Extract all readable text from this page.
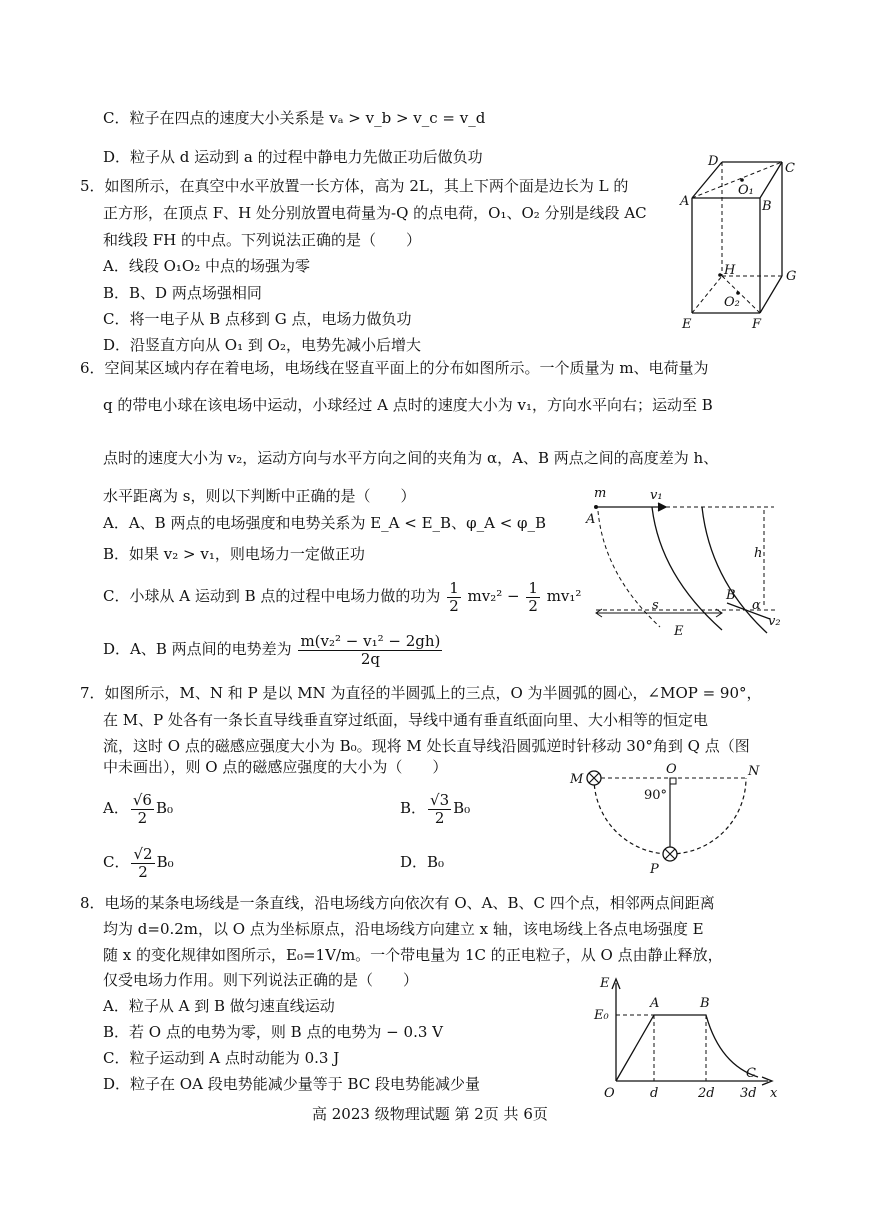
C．粒子在四点的速度大小关系是 vₐ > v_b > v_c = v_d
D．粒子从 d 运动到 a 的过程中静电力先做正功后做负功
5．如图所示，在真空中水平放置一长方体，高为 2L，其上下两个面是边长为 L 的
正方形，在顶点 F、H 处分别放置电荷量为-Q 的点电荷，O₁、O₂ 分别是线段 AC
和线段 FH 的中点。下列说法正确的是（　　）
A．线段 O₁O₂ 中点的场强为零
B．B、D 两点场强相同
C．将一电子从 B 点移到 G 点，电场力做负功
D．沿竖直方向从 O₁ 到 O₂，电势先减小后增大
D	C
A	B
O₁
H	G
O₂
E	F
6．空间某区域内存在着电场，电场线在竖直平面上的分布如图所示。一个质量为 m、电荷量为
q 的带电小球在该电场中运动，小球经过 A 点时的速度大小为 v₁，方向水平向右；运动至 B
点时的速度大小为 v₂，运动方向与水平方向之间的夹角为 α，A、B 两点之间的高度差为 h、
水平距离为 s，则以下判断中正确的是（　　）
A．A、B 两点的电场强度和电势关系为 E_A < E_B、φ_A < φ_B
B．如果 v₂ > v₁，则电场力一定做正功
C．小球从 A 运动到 B 点的过程中电场力做的功为 $\frac{1}{2} mv_2^2 - \frac{1}{2} mv_1^2$
D．A、B 两点间的电势差为 $\frac{\text{m(v₂² − v₁² − 2gh)}}{2q}$
m	v₁
A
h
B
α
v₂
s
E
7．如图所示，M、N 和 P 是以 MN 为直径的半圆弧上的三点，O 为半圆弧的圆心，∠MOP = 90°，
在 M、P 处各有一条长直导线垂直穿过纸面，导线中通有垂直纸面向里、大小相等的恒定电
流，这时 O 点的磁感应强度大小为 B₀。现将 M 处长直导线沿圆弧逆时针移动 30°角到 Q 点（图
中未画出），则 O 点的磁感应强度的大小为（　　）
A． $\frac{√6}{2} B_0$	B． $\frac{√3}{2} B_0$
C． $\frac{√2}{2} B_0$	D．B₀
M
O	N
90°
P
8．电场的某条电场线是一条直线，沿电场线方向依次有 O、A、B、C 四个点，相邻两点间距离
均为 d=0.2m，以 O 点为坐标原点，沿电场线方向建立 x 轴，该电场线上各点电场强度 E
随 x 的变化规律如图所示，E₀=1V/m。一个带电量为 1C 的正电粒子，从 O 点由静止释放，
仅受电场力作用。则下列说法正确的是（　　）
A．粒子从 A 到 B 做匀速直线运动
B．若 O 点的电势为零，则 B 点的电势为 − 0.3 V
C．粒子运动到 A 点时动能为 0.3 J
D．粒子在 OA 段电势能减少量等于 BC 段电势能减少量
E
E₀
A	B
C
O	d	2d 3d x
高 2023 级物理试题 第 2页 共 6页
